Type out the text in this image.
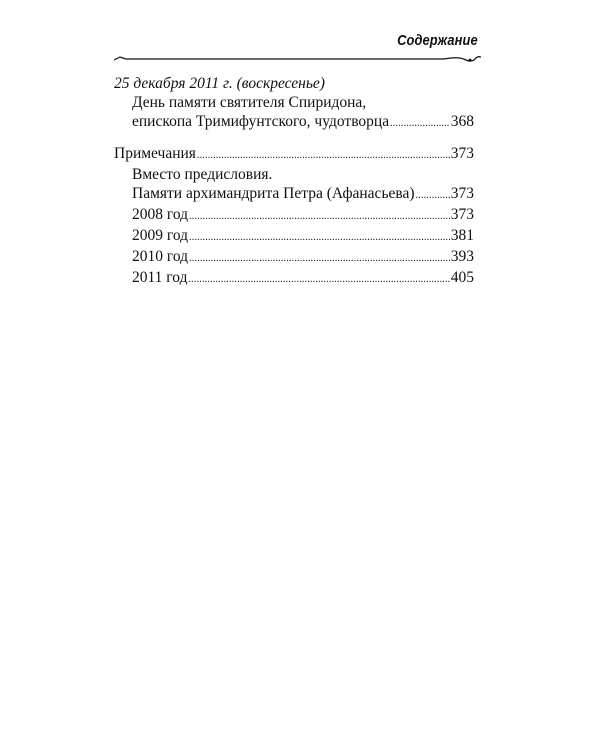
Содержание
25 декабря 2011 г. (воскресенье)
День памяти святителя Спиридона,
епископа Тримифунтского, чудотворца .....	368
Примечания .....	373
Вместо предисловия.
Памяти архимандрита Петра (Афанасьева) ..... 373
2008 год .....	373
2009 год .....	381
2010 год .....	393
2011 год .....	405
